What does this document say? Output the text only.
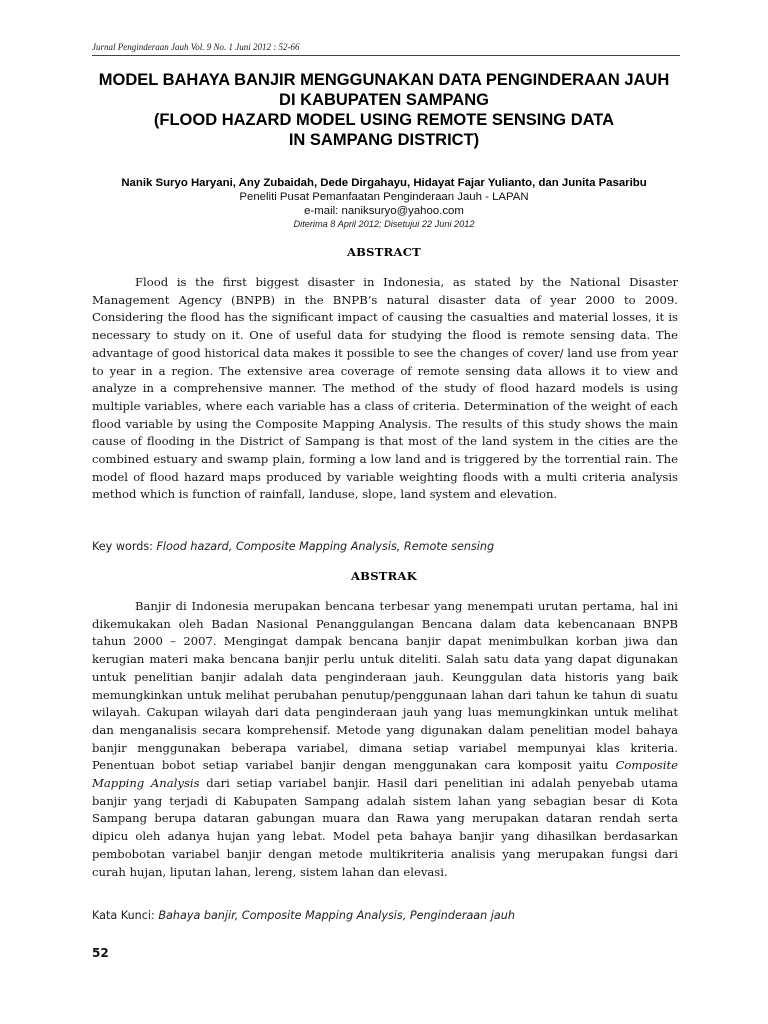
Jurnal Penginderaan Jauh Vol. 9 No. 1 Juni 2012 : 52-66
MODEL BAHAYA BANJIR MENGGUNAKAN DATA PENGINDERAAN JAUH
DI KABUPATEN SAMPANG
(FLOOD HAZARD MODEL USING REMOTE SENSING DATA
IN SAMPANG DISTRICT)
Nanik Suryo Haryani, Any Zubaidah, Dede Dirgahayu, Hidayat Fajar Yulianto, dan Junita Pasaribu
Peneliti Pusat Pemanfaatan Penginderaan Jauh - LAPAN
e-mail: naniksuryo@yahoo.com
Diterima 8 April 2012; Disetujui 22 Juni 2012
ABSTRACT

Flood is the first biggest disaster in Indonesia, as stated by the National Disaster Management Agency (BNPB) in the BNPB’s natural disaster data of year 2000 to 2009. Considering the flood has the significant impact of causing the casualties and material losses, it is necessary to study on it. One of useful data for studying the flood is remote sensing data. The advantage of good historical data makes it possible to see the changes of cover/ land use from year to year in a region. The extensive area coverage of remote sensing data allows it to view and analyze in a comprehensive manner. The method of the study of flood hazard models is using multiple variables, where each variable has a class of criteria. Determination of the weight of each flood variable by using the Composite Mapping Analysis. The results of this study shows the main cause of flooding in the District of Sampang is that most of the land system in the cities are the combined estuary and swamp plain, forming a low land and is triggered by the torrential rain. The model of flood hazard maps produced by variable weighting floods with a multi criteria analysis method which is function of rainfall, landuse, slope, land system and elevation.

Key words: Flood hazard, Composite Mapping Analysis, Remote sensing
ABSTRAK

Banjir di Indonesia merupakan bencana terbesar yang menempati urutan pertama, hal ini dikemukakan oleh Badan Nasional Penanggulangan Bencana dalam data kebencanaan BNPB tahun 2000 – 2007. Mengingat dampak bencana banjir dapat menimbulkan korban jiwa dan kerugian materi maka bencana banjir perlu untuk diteliti. Salah satu data yang dapat digunakan untuk penelitian banjir adalah data penginderaan jauh. Keunggulan data historis yang baik memungkinkan untuk melihat perubahan penutup/penggunaan lahan dari tahun ke tahun di suatu wilayah. Cakupan wilayah dari data penginderaan jauh yang luas memungkinkan untuk melihat dan menganalisis secara komprehensif. Metode yang digunakan dalam penelitian model bahaya banjir menggunakan beberapa variabel, dimana setiap variabel mempunyai klas kriteria. Penentuan bobot setiap variabel banjir dengan menggunakan cara komposit yaitu Composite Mapping Analysis dari setiap variabel banjir. Hasil dari penelitian ini adalah penyebab utama banjir yang terjadi di Kabupaten Sampang adalah sistem lahan yang sebagian besar di Kota Sampang berupa dataran gabungan muara dan Rawa yang merupakan dataran rendah serta dipicu oleh adanya hujan yang lebat. Model peta bahaya banjir yang dihasilkan berdasarkan pembobotan variabel banjir dengan metode multikriteria analisis yang merupakan fungsi dari curah hujan, liputan lahan, lereng, sistem lahan dan elevasi.

Kata Kunci: Bahaya banjir, Composite Mapping Analysis, Penginderaan jauh
52
